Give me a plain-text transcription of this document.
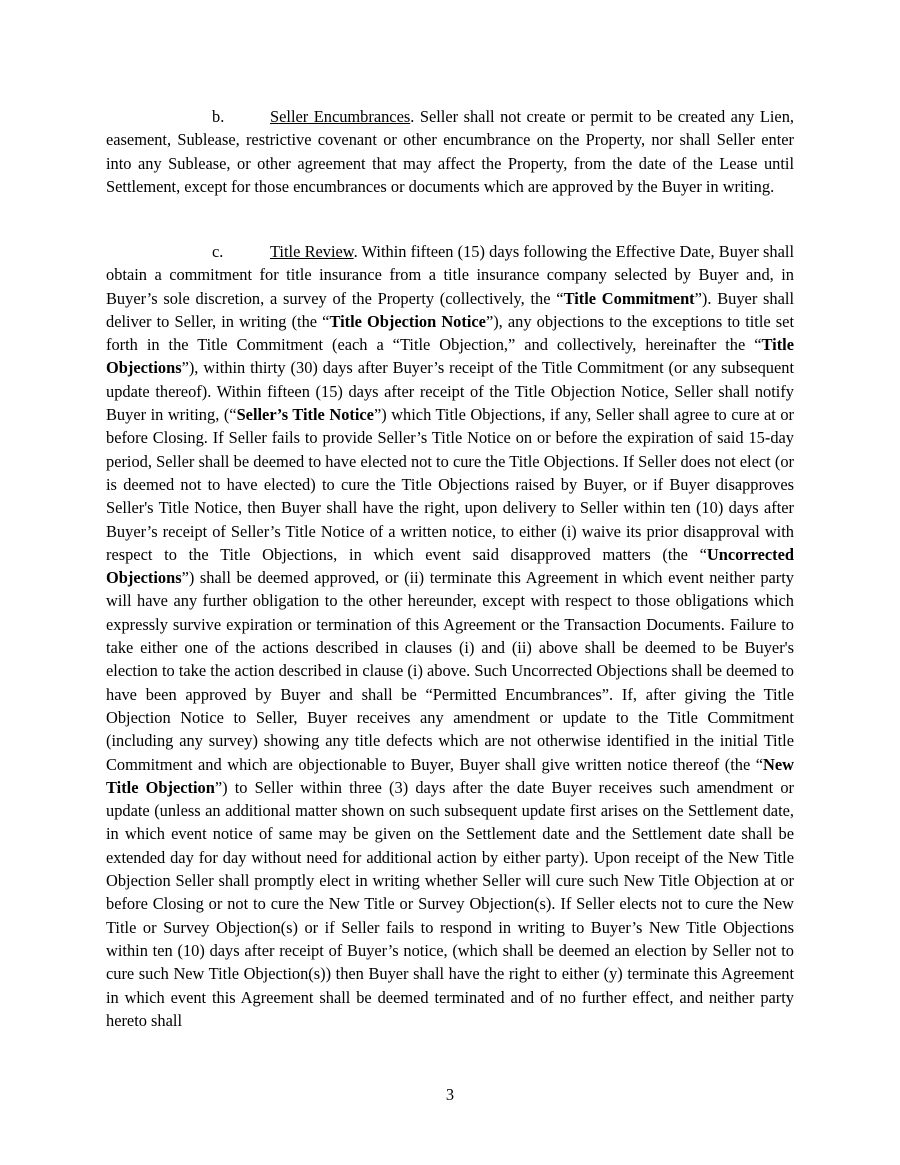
b.	Seller Encumbrances. Seller shall not create or permit to be created any Lien, easement, Sublease, restrictive covenant or other encumbrance on the Property, nor shall Seller enter into any Sublease, or other agreement that may affect the Property, from the date of the Lease until Settlement, except for those encumbrances or documents which are approved by the Buyer in writing.

c.	Title Review. Within fifteen (15) days following the Effective Date, Buyer shall obtain a commitment for title insurance from a title insurance company selected by Buyer and, in Buyer’s sole discretion, a survey of the Property (collectively, the “Title Commitment”). Buyer shall deliver to Seller, in writing (the “Title Objection Notice”), any objections to the exceptions to title set forth in the Title Commitment (each a “Title Objection,” and collectively, hereinafter the “Title Objections”), within thirty (30) days after Buyer’s receipt of the Title Commitment (or any subsequent update thereof). Within fifteen (15) days after receipt of the Title Objection Notice, Seller shall notify Buyer in writing, (“Seller’s Title Notice”) which Title Objections, if any, Seller shall agree to cure at or before Closing. If Seller fails to provide Seller’s Title Notice on or before the expiration of said 15-day period, Seller shall be deemed to have elected not to cure the Title Objections. If Seller does not elect (or is deemed not to have elected) to cure the Title Objections raised by Buyer, or if Buyer disapproves Seller's Title Notice, then Buyer shall have the right, upon delivery to Seller within ten (10) days after Buyer’s receipt of Seller’s Title Notice of a written notice, to either (i) waive its prior disapproval with respect to the Title Objections, in which event said disapproved matters (the “Uncorrected Objections”) shall be deemed approved, or (ii) terminate this Agreement in which event neither party will have any further obligation to the other hereunder, except with respect to those obligations which expressly survive expiration or termination of this Agreement or the Transaction Documents. Failure to take either one of the actions described in clauses (i) and (ii) above shall be deemed to be Buyer's election to take the action described in clause (i) above. Such Uncorrected Objections shall be deemed to have been approved by Buyer and shall be “Permitted Encumbrances”. If, after giving the Title Objection Notice to Seller, Buyer receives any amendment or update to the Title Commitment (including any survey) showing any title defects which are not otherwise identified in the initial Title Commitment and which are objectionable to Buyer, Buyer shall give written notice thereof (the “New Title Objection”) to Seller within three (3) days after the date Buyer receives such amendment or update (unless an additional matter shown on such subsequent update first arises on the Settlement date, in which event notice of same may be given on the Settlement date and the Settlement date shall be extended day for day without need for additional action by either party). Upon receipt of the New Title Objection Seller shall promptly elect in writing whether Seller will cure such New Title Objection at or before Closing or not to cure the New Title or Survey Objection(s). If Seller elects not to cure the New Title or Survey Objection(s) or if Seller fails to respond in writing to Buyer’s New Title Objections within ten (10) days after receipt of Buyer’s notice, (which shall be deemed an election by Seller not to cure such New Title Objection(s)) then Buyer shall have the right to either (y) terminate this Agreement in which event this Agreement shall be deemed terminated and of no further effect, and neither party hereto shall

3
